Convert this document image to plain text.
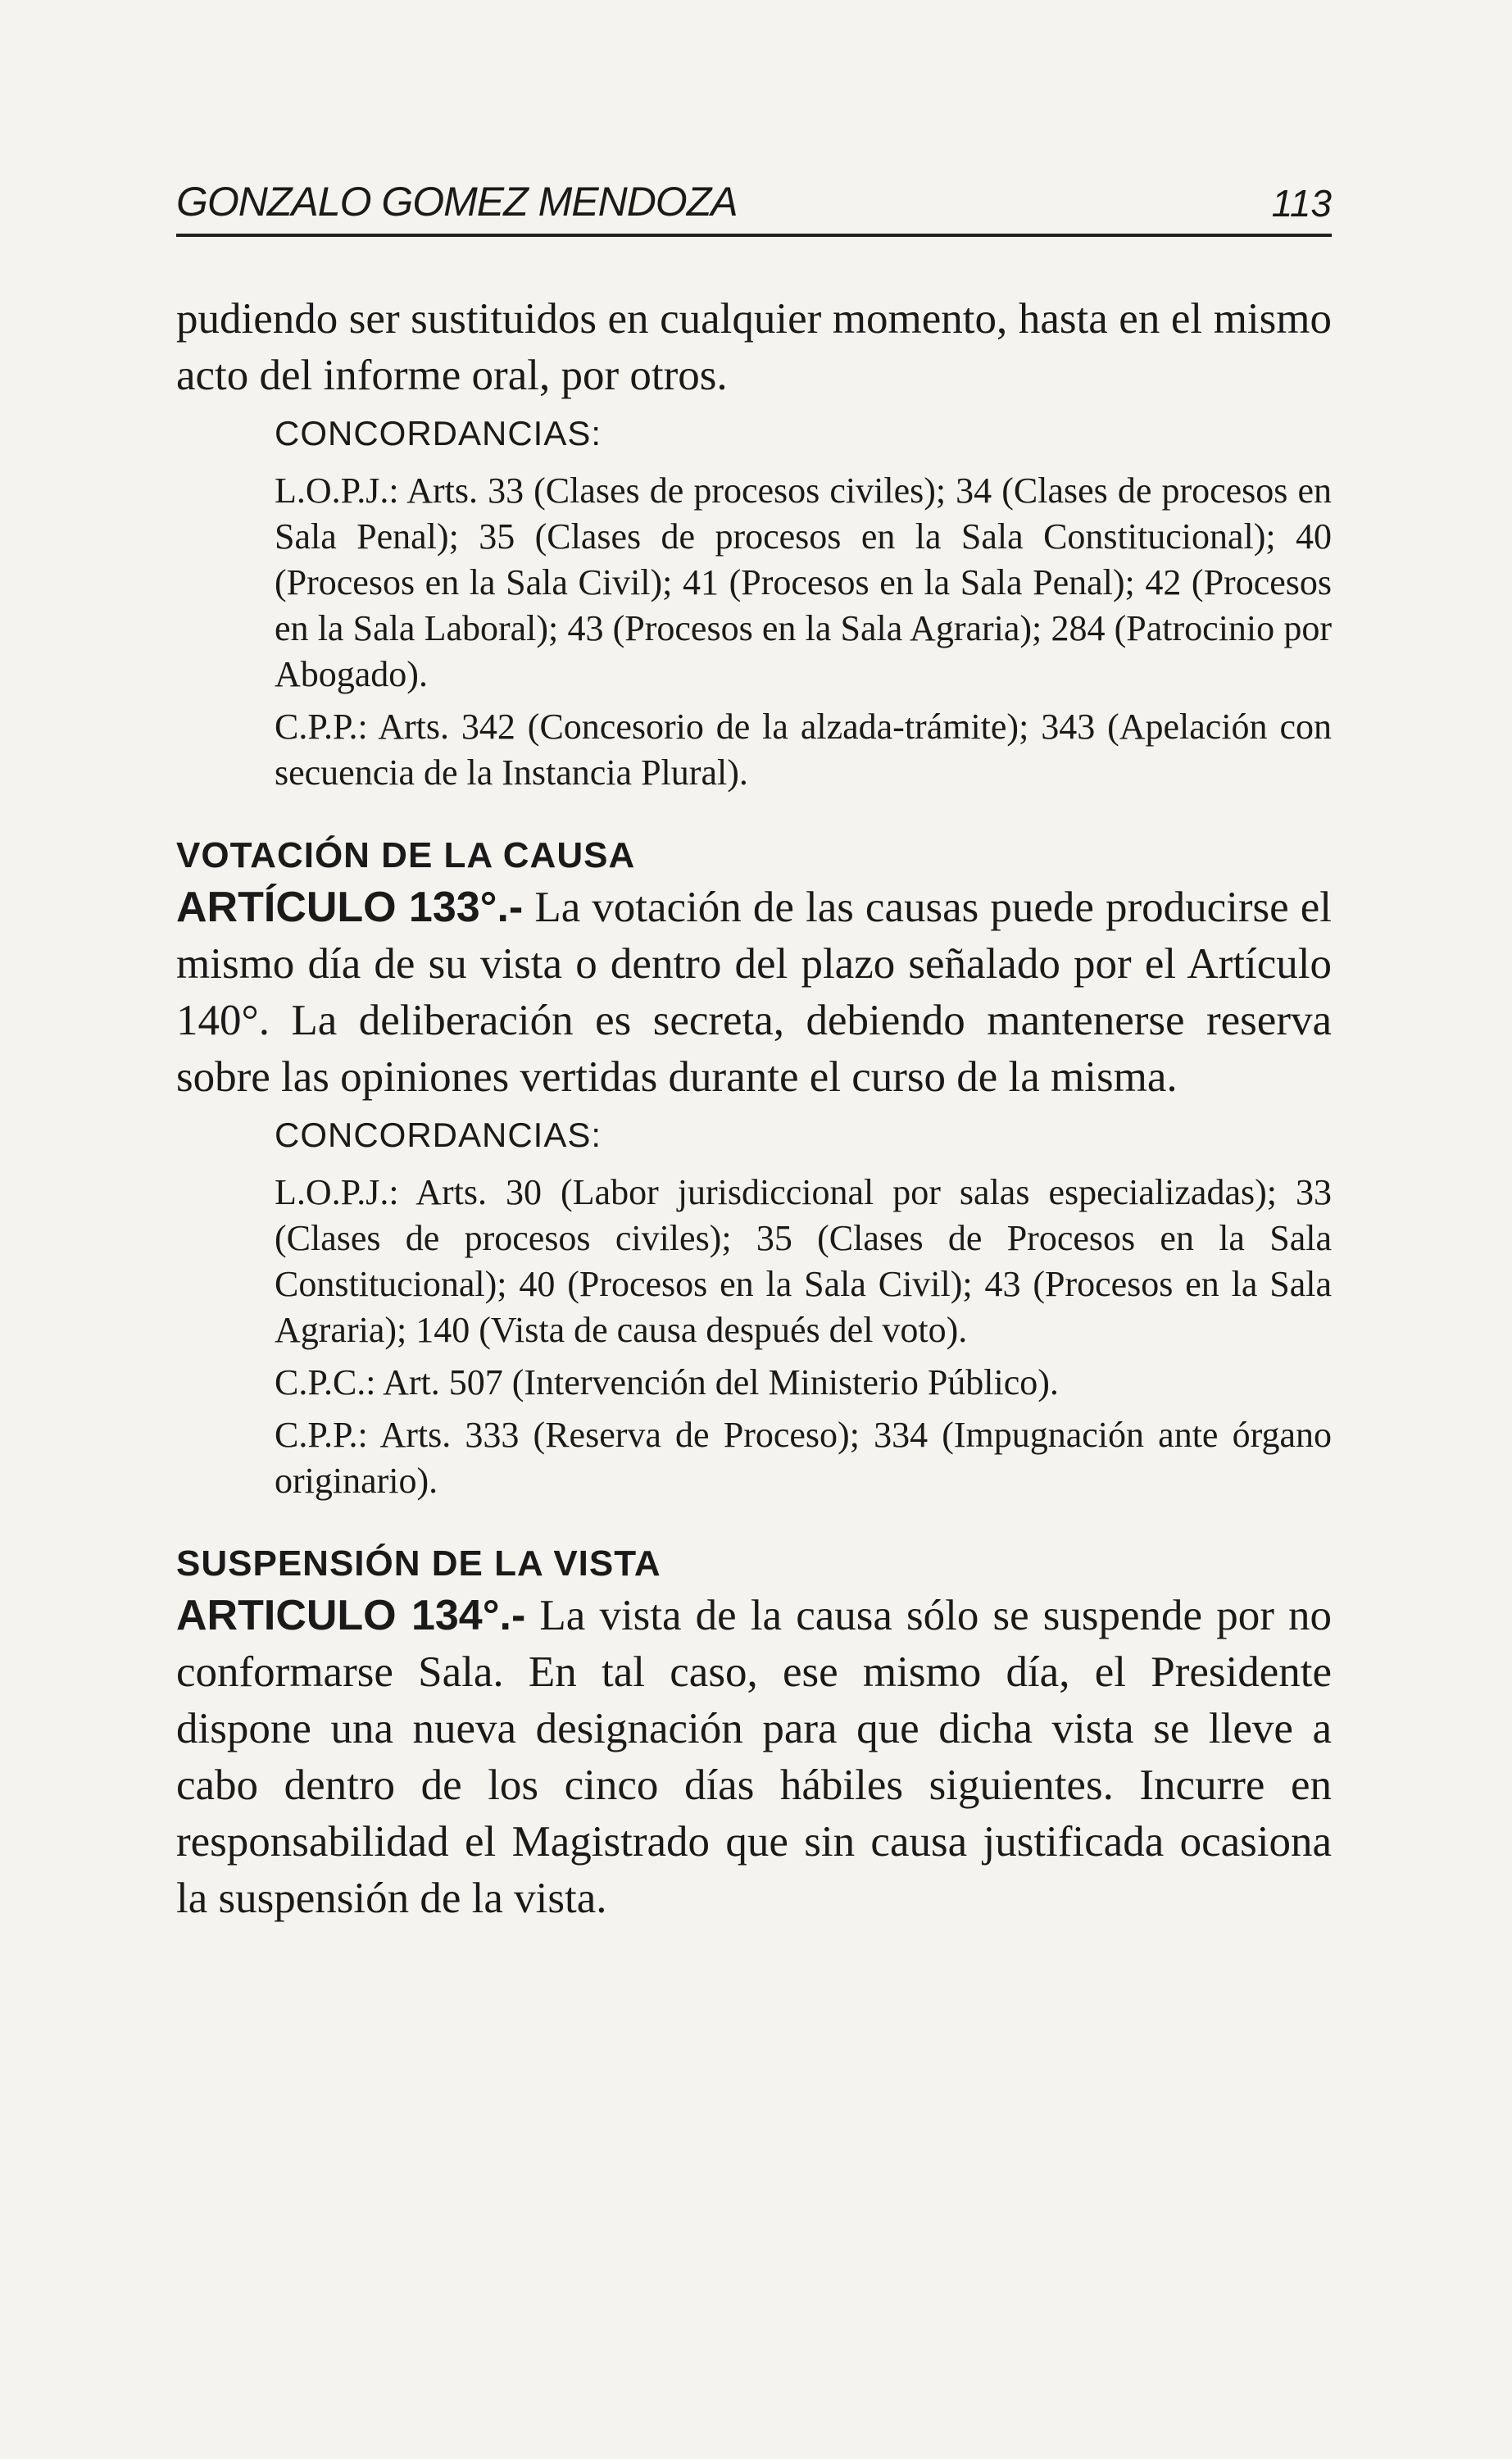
GONZALO GOMEZ MENDOZA	113

pudiendo ser sustituidos en cualquier momento, hasta en el mismo acto del informe oral, por otros.

CONCORDANCIAS:

L.O.P.J.: Arts. 33 (Clases de procesos civiles); 34 (Clases de procesos en Sala Penal); 35 (Clases de procesos en la Sala Constitucional); 40 (Procesos en la Sala Civil); 41 (Procesos en la Sala Penal); 42 (Procesos en la Sala Laboral); 43 (Procesos en la Sala Agraria); 284 (Patrocinio por Abogado).

C.P.P.: Arts. 342 (Concesorio de la alzada-trámite); 343 (Apelación con secuencia de la Instancia Plural).

VOTACIÓN DE LA CAUSA

ARTÍCULO 133°.- La votación de las causas puede producirse el mismo día de su vista o dentro del plazo señalado por el Artículo 140°. La deliberación es secreta, debiendo mantenerse reserva sobre las opiniones vertidas durante el curso de la misma.

CONCORDANCIAS:

L.O.P.J.: Arts. 30 (Labor jurisdiccional por salas especializadas); 33 (Clases de procesos civiles); 35 (Clases de Procesos en la Sala Constitucional); 40 (Procesos en la Sala Civil); 43 (Procesos en la Sala Agraria); 140 (Vista de causa después del voto).

C.P.C.: Art. 507 (Intervención del Ministerio Público).

C.P.P.: Arts. 333 (Reserva de Proceso); 334 (Impugnación ante órgano originario).

SUSPENSIÓN DE LA VISTA

ARTICULO 134°.- La vista de la causa sólo se suspende por no conformarse Sala. En tal caso, ese mismo día, el Presidente dispone una nueva designación para que dicha vista se lleve a cabo dentro de los cinco días hábiles siguientes. Incurre en responsabilidad el Magistrado que sin causa justificada ocasiona la suspensión de la vista.
